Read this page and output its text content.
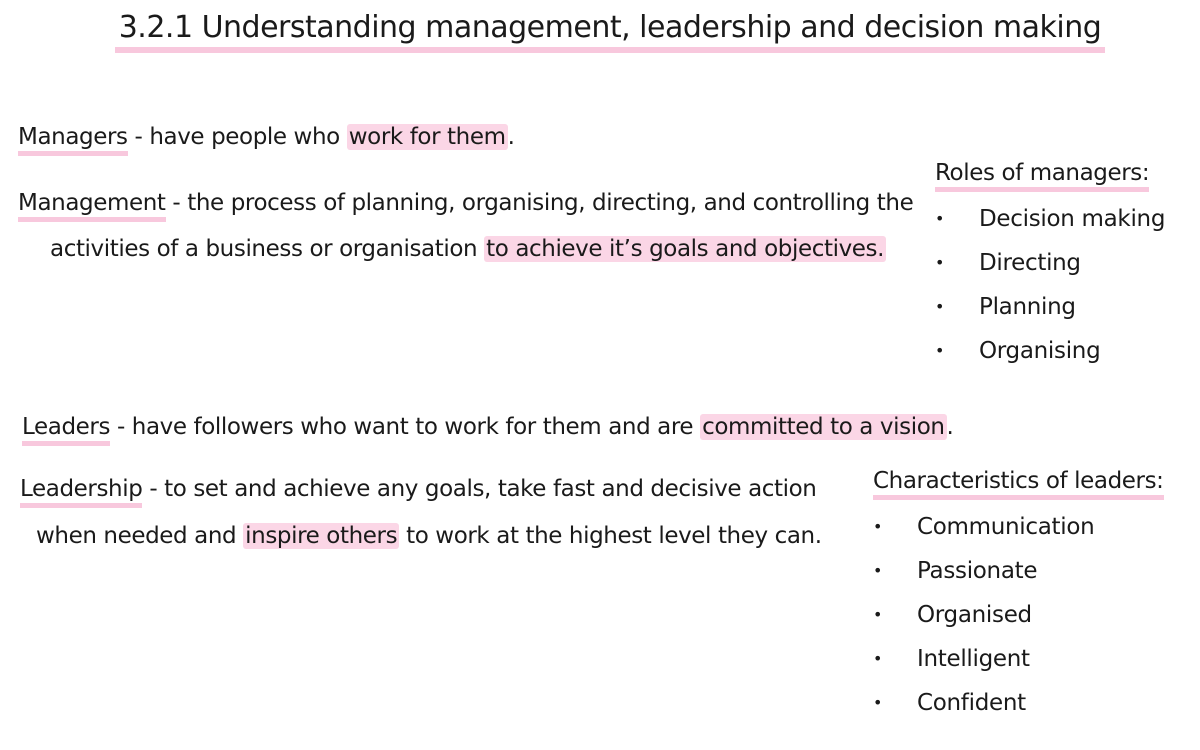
3.2.1 Understanding management, leadership and decision making
Managers - have people who work for them.
Management - the process of planning, organising, directing, and controlling the
activities of a business or organisation to achieve it’s goals and objectives.
Roles of managers:
• Decision making
• Directing
• Planning
• Organising
Leaders - have followers who want to work for them and are committed to a vision.
Leadership - to set and achieve any goals, take fast and decisive action
when needed and inspire others to work at the highest level they can.
Characteristics of leaders:
• Communication
• Passionate
• Organised
• Intelligent
• Confident
